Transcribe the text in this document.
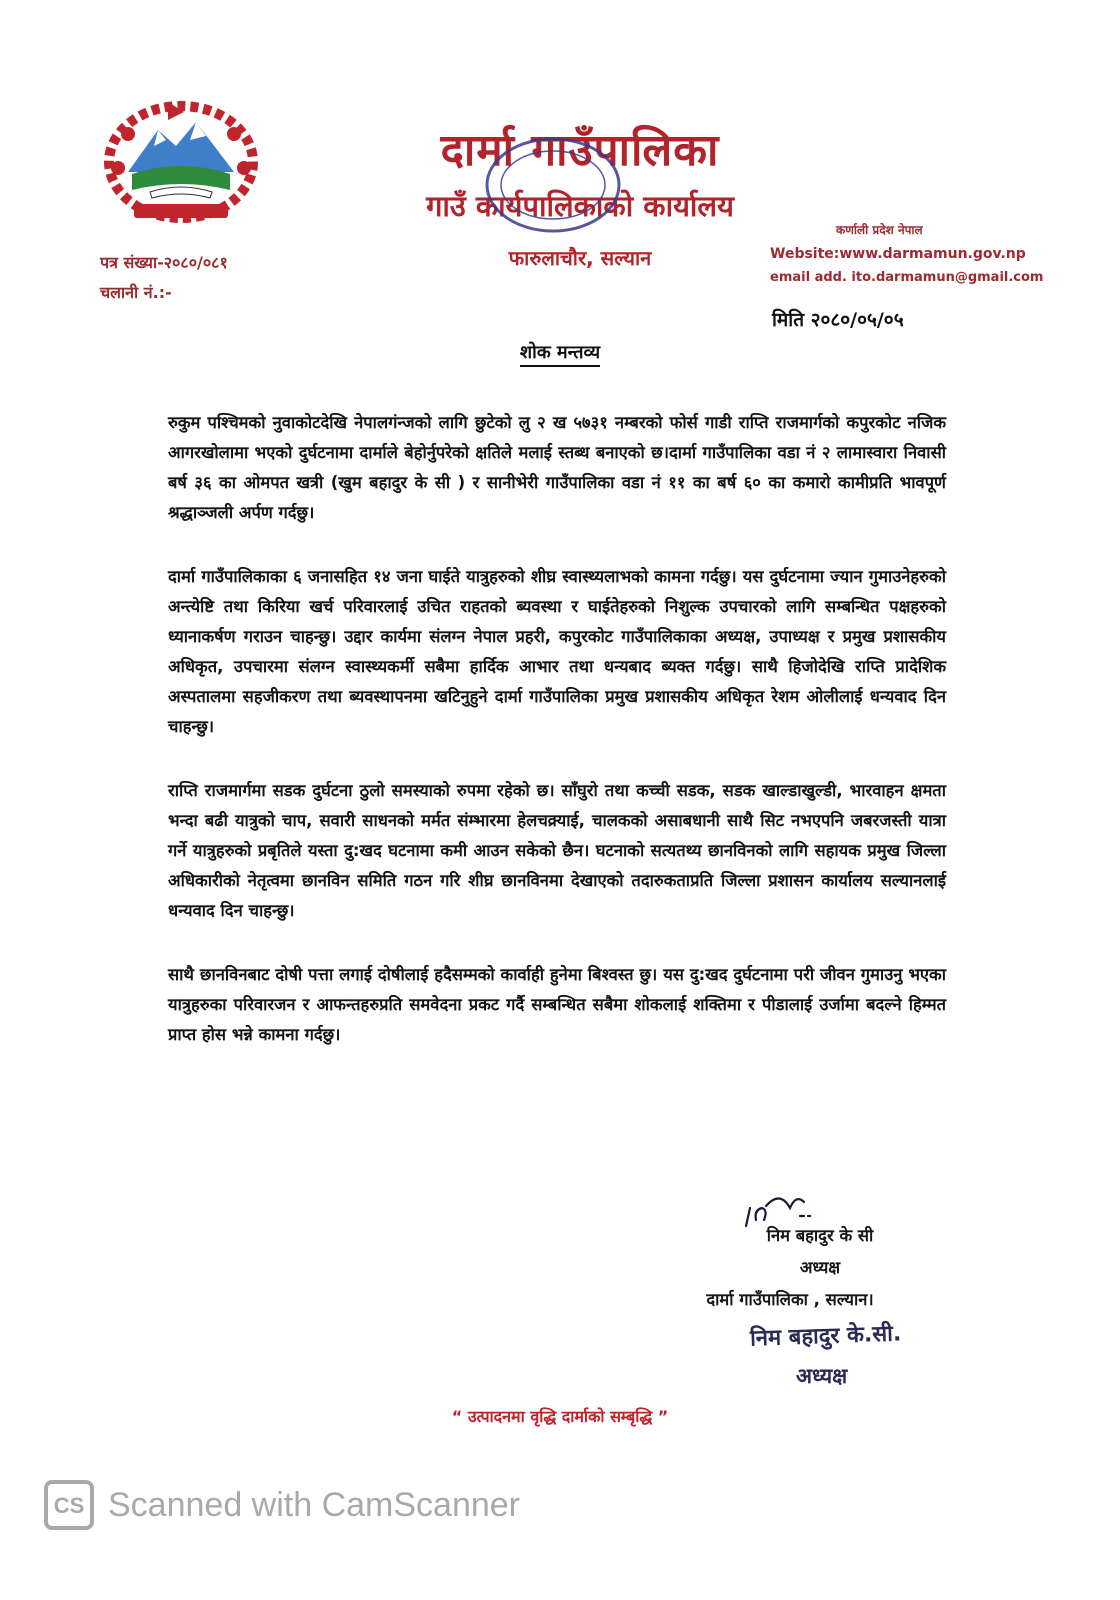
दार्मा गाउँपालिका
गाउँ कार्यपालिकाको कार्यालय
फारुलाचौर, सल्यान
पत्र संख्या-२०८०/०८१
चलानी नं.:-
कर्णाली प्रदेश नेपाल
Website:www.darmamun.gov.np
email add. ito.darmamun@gmail.com
मिति २०८०/०५/०५
शोक मन्तव्य

रुकुम पश्चिमको नुवाकोटदेखि नेपालगंन्जको लागि छुटेको लु २ ख ५७३१ नम्बरको फोर्स गाडी राप्ति राजमार्गको कपुरकोट नजिक आगरखोलामा भएको दुर्घटनामा दार्माले बेहोर्नुपरेको क्षतिले मलाई स्तब्ध बनाएको छ।दार्मा गाउँपालिका वडा नं २ लामास्वारा निवासी बर्ष ३६ का ओमपत खत्री (खुम बहादुर के सी ) र सानीभेरी गाउँपालिका वडा नं ११ का बर्ष ६० का कमारो कामीप्रति भावपूर्ण श्रद्धाञ्जली अर्पण गर्दछु।

दार्मा गाउँपालिकाका ६ जनासहित १४ जना घाईते यात्रुहरुको शीघ्र स्वास्थ्यलाभको कामना गर्दछु। यस दुर्घटनामा ज्यान गुमाउनेहरुको अन्त्येष्टि तथा किरिया खर्च परिवारलाई उचित राहतको ब्यवस्था र घाईतेहरुको निशुल्क उपचारको लागि सम्बन्धित पक्षहरुको ध्यानाकर्षण गराउन चाहन्छु। उद्दार कार्यमा संलग्न नेपाल प्रहरी, कपुरकोट गाउँपालिकाका अध्यक्ष, उपाध्यक्ष र प्रमुख प्रशासकीय अधिकृत, उपचारमा संलग्न स्वास्थ्यकर्मी सबैमा हार्दिक आभार तथा धन्यबाद ब्यक्त गर्दछु। साथै हिजोदेखि राप्ति प्रादेशिक अस्पतालमा सहजीकरण तथा ब्यवस्थापनमा खटिनुहुने दार्मा गाउँपालिका प्रमुख प्रशासकीय अधिकृत रेशम ओलीलाई धन्यवाद दिन चाहन्छु।

राप्ति राजमार्गमा सडक दुर्घटना ठुलो समस्याको रुपमा रहेको छ। साँघुरो तथा कच्ची सडक, सडक खाल्डाखुल्डी, भारवाहन क्षमता भन्दा बढी यात्रुको चाप, सवारी साधनको मर्मत संम्भारमा हेलचक्र्याई, चालकको असाबधानी साथै सिट नभएपनि जबरजस्ती यात्रा गर्ने यात्रुहरुको प्रबृतिले यस्ता दु:खद घटनामा कमी आउन सकेको छैन। घटनाको सत्यतथ्य छानविनको लागि सहायक प्रमुख जिल्ला अधिकारीको नेतृत्वमा छानविन समिति गठन गरि शीघ्र छानविनमा देखाएको तदारुकताप्रति जिल्ला प्रशासन कार्यालय सल्यानलाई धन्यवाद दिन चाहन्छु।

साथै छानविनबाट दोषी पत्ता लगाई दोषीलाई हदैसम्मको कार्वाही हुनेमा बिश्वस्त छु। यस दु:खद दुर्घटनामा परी जीवन गुमाउनु भएका यात्रुहरुका परिवारजन र आफन्तहरुप्रति समवेदना प्रकट गर्दै सम्बन्धित सबैमा शोकलाई शक्तिमा र पीडालाई उर्जामा बदल्ने हिम्मत प्राप्त होस भन्ने कामना गर्दछु।

निम बहादुर के सी
अध्यक्ष
दार्मा गाउँपालिका , सल्यान।
निम बहादुर के.सी.
अध्यक्ष
“ उत्पादनमा वृद्धि दार्माको सम्बृद्धि ”
CS Scanned with CamScanner
